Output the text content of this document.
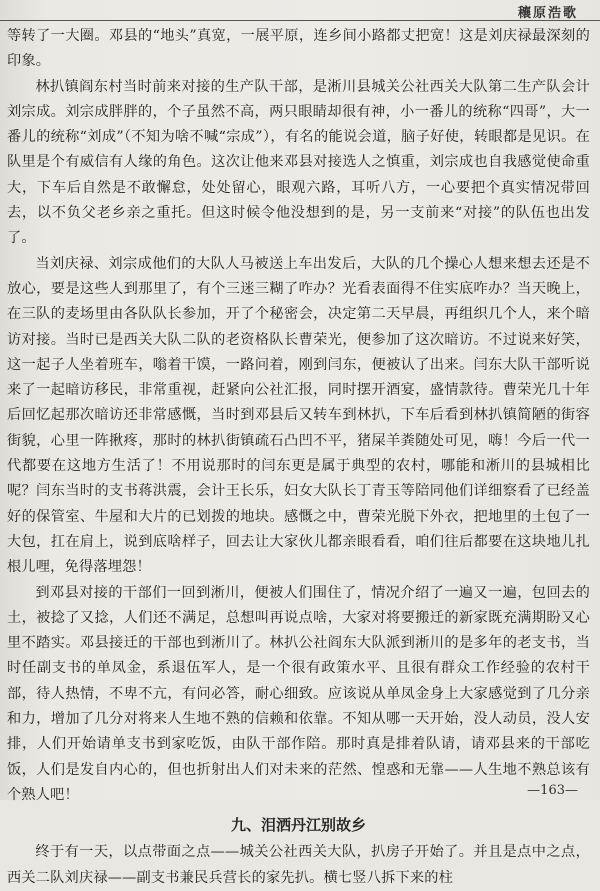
穰原浩歌

等转了一大圈。邓县的“地头”真宽，一展平原，连乡间小路都丈把宽！这是刘庆禄最深刻的印象。

林扒镇阎东村当时前来对接的生产队干部，是淅川县城关公社西关大队第二生产队会计刘宗成。刘宗成胖胖的，个子虽然不高，两只眼睛却很有神，小一番儿的统称“四哥”，大一番儿的统称“刘成”（不知为啥不喊“宗成”），有名的能说会道，脑子好使，转眼都是见识。在队里是个有威信有人缘的角色。这次让他来邓县对接选人之慎重，刘宗成也自我感觉使命重大，下车后自然是不敢懈怠，处处留心，眼观六路，耳听八方，一心要把个真实情况带回去，以不负父老乡亲之重托。但这时候令他没想到的是，另一支前来“对接”的队伍也出发了。

当刘庆禄、刘宗成他们的大队人马被送上车出发后，大队的几个操心人想来想去还是不放心，要是这些人到那里了，有个三迷三糊了咋办？光看表面得不住实底咋办？当天晚上，在三队的麦场里由各队队长参加，开了个秘密会，决定第二天早晨，再组织几个人，来个暗访对接。当时已是西关大队二队的老资格队长曹荣光，便参加了这次暗访。不过说来好笑，这一起子人坐着班车，嗡着干馍，一路问着，刚到闫东，便被认了出来。闫东大队干部听说来了一起暗访移民，非常重视，赶紧向公社汇报，同时摆开酒宴，盛情款待。曹荣光几十年后回忆起那次暗访还非常感慨，当时到邓县后又转车到林扒，下车后看到林扒镇简陋的街容街貌，心里一阵揪疼，那时的林扒街镇疏石凸凹不平，猪屎羊粪随处可见，嗨！今后一代一代都要在这地方生活了！不用说那时的闫东更是属于典型的农村，哪能和淅川的县城相比呢？闫东当时的支书蒋洪震，会计王长乐，妇女大队长丁青玉等陪同他们详细察看了已经盖好的保管室、牛屋和大片的已划拨的地块。感慨之中，曹荣光脱下外衣，把地里的土包了一大包，扛在肩上，说到底啥样子，回去让大家伙儿都亲眼看看，咱们往后都要在这块地儿扎根儿哩，免得落埋怨！

到邓县对接的干部们一回到淅川，便被人们围住了，情况介绍了一遍又一遍，包回去的土，被捻了又捻，人们还不满足，总想叫再说点啥，大家对将要搬迁的新家既充满期盼又心里不踏实。邓县接迁的干部也到淅川了。林扒公社阎东大队派到淅川的是多年的老支书，当时任副支书的单凤金，系退伍军人，是一个很有政策水平、且很有群众工作经验的农村干部，待人热情，不卑不亢，有问必答，耐心细致。应该说从单凤金身上大家感觉到了几分亲和力，增加了几分对将来人生地不熟的信赖和依靠。不知从哪一天开始，没人动员，没人安排，人们开始请单支书到家吃饭，由队干部作陪。那时真是排着队请，请邓县来的干部吃饭，人们是发自内心的，但也折射出人们对未来的茫然、惶惑和无靠——人生地不熟总该有个熟人吧！

九、泪洒丹江别故乡

终于有一天，以点带面之点——城关公社西关大队，扒房子开始了。并且是点中之点，西关二队刘庆禄——副支书兼民兵营长的家先扒。横七竖八拆下来的柱

—163—
